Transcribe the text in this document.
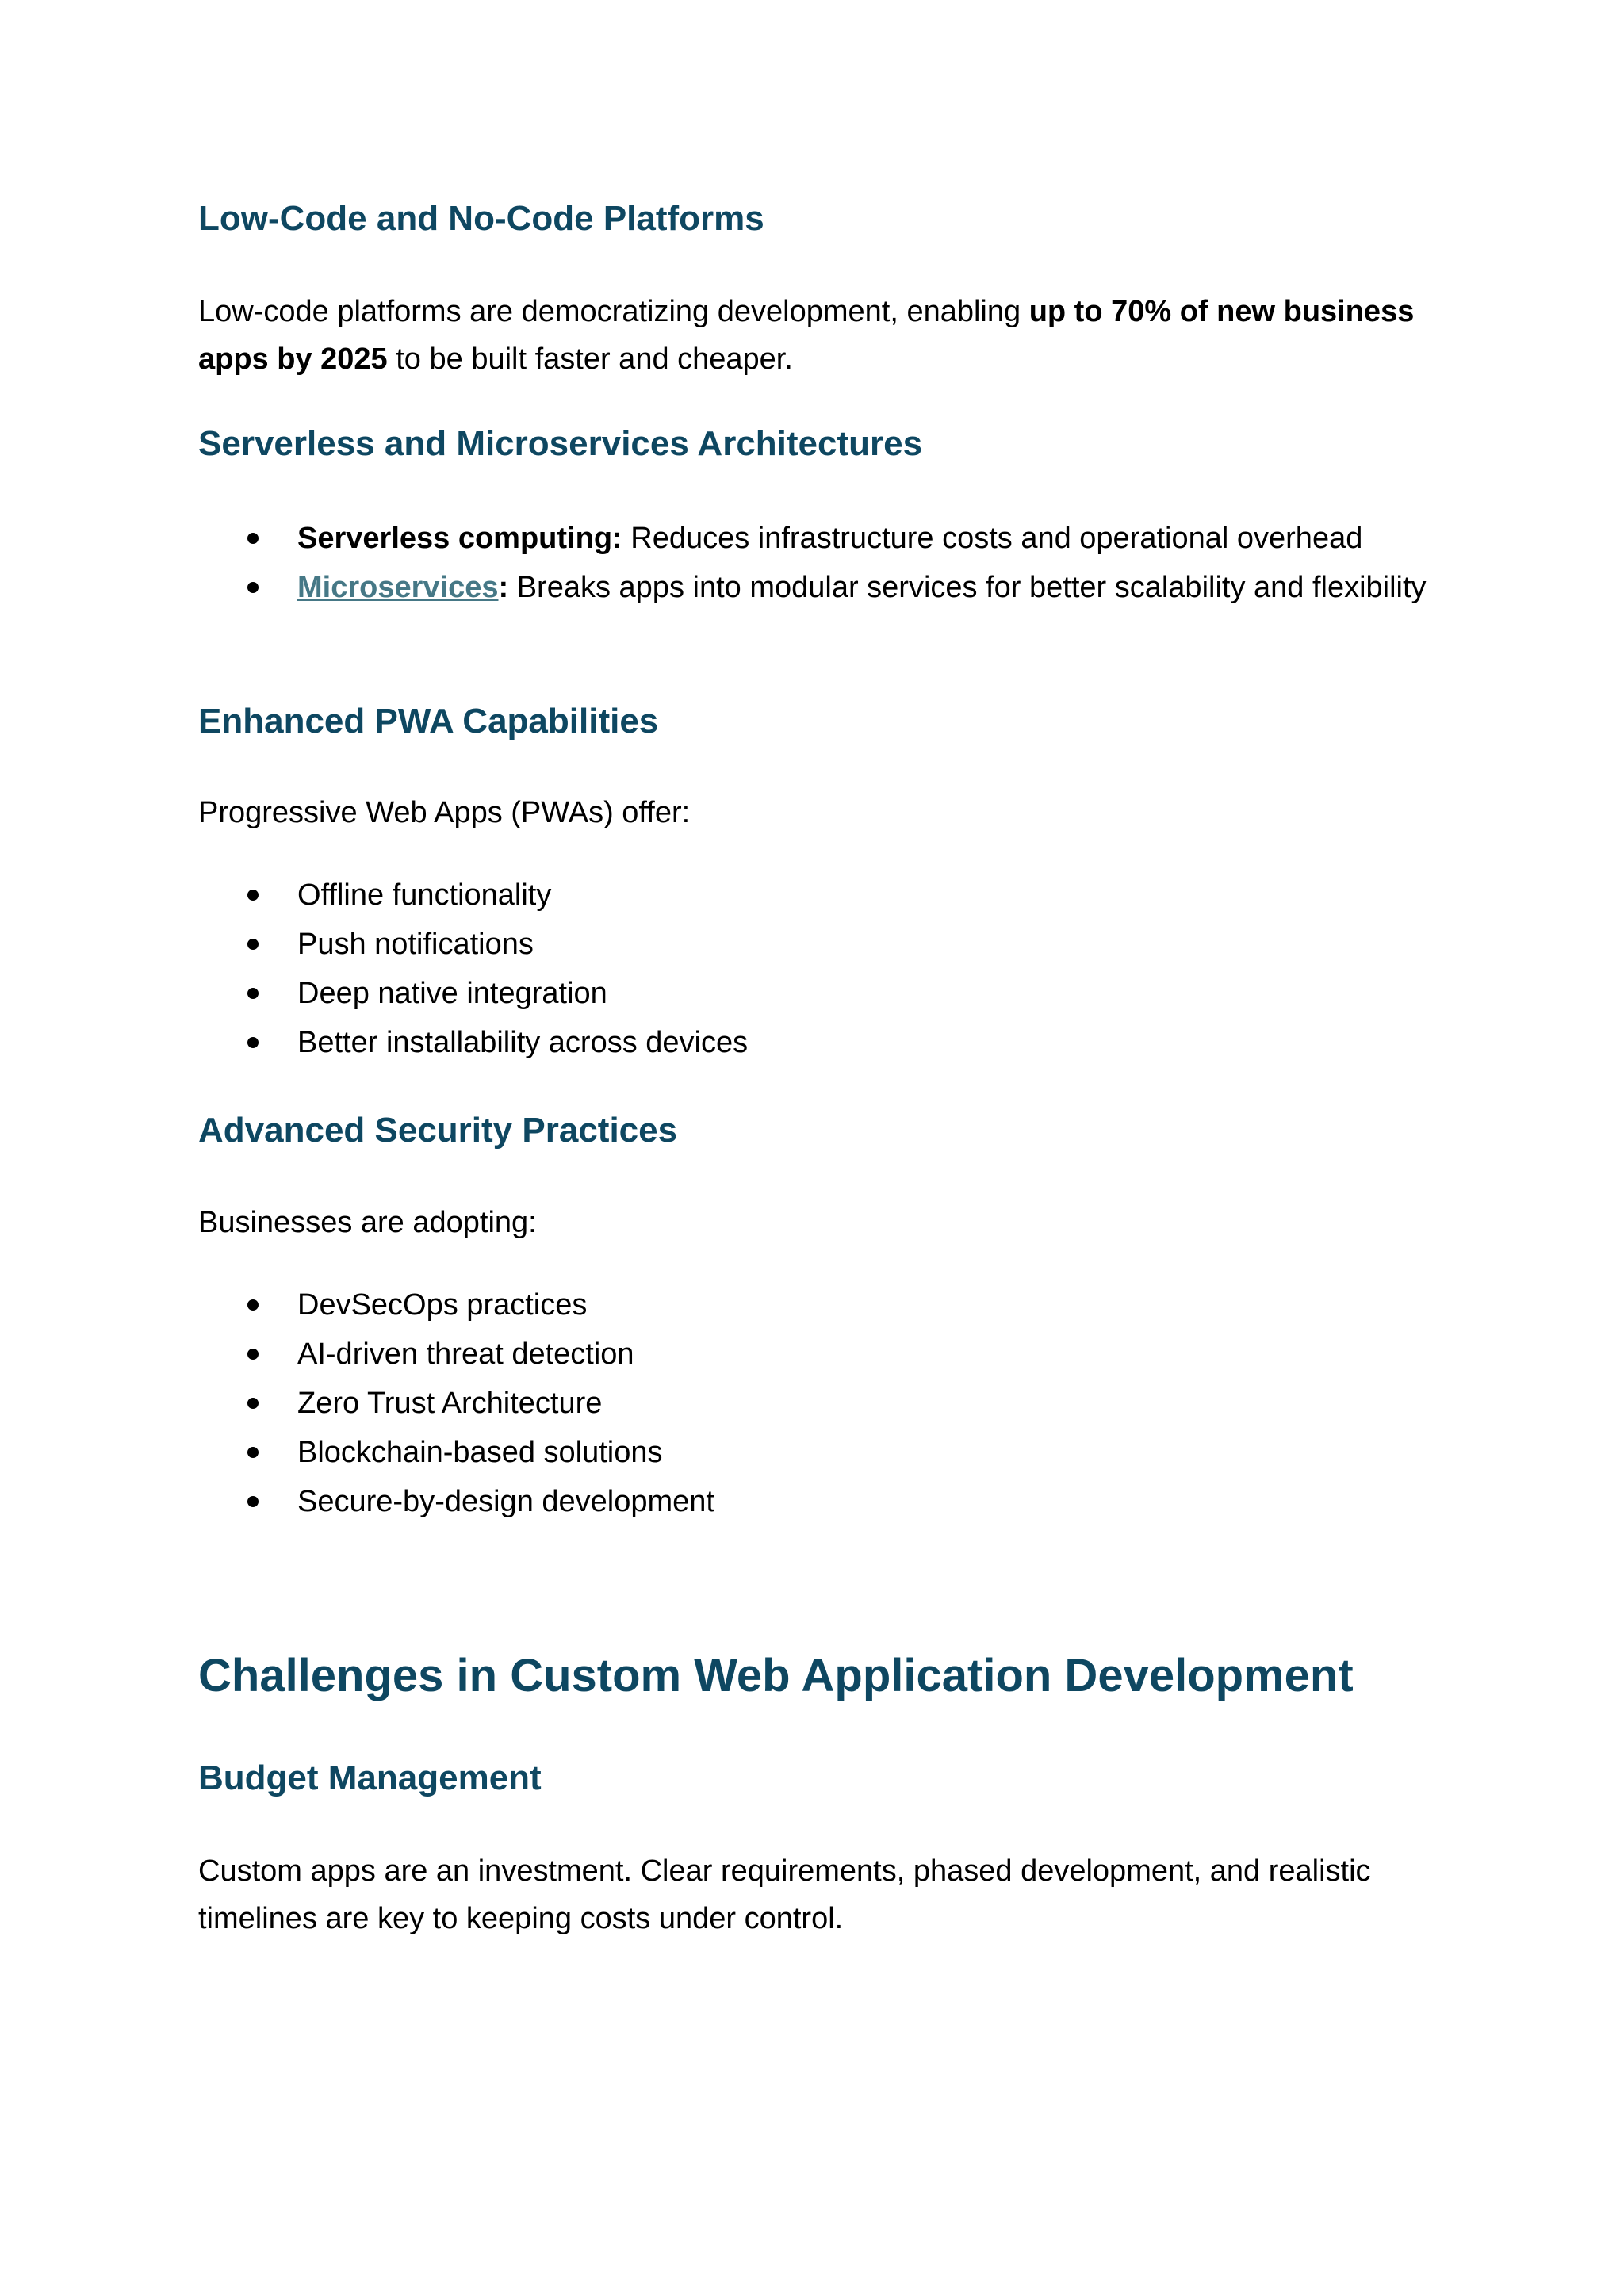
Low-Code and No-Code Platforms

Low-code platforms are democratizing development, enabling up to 70% of new business apps by 2025 to be built faster and cheaper.

Serverless and Microservices Architectures
Serverless computing: Reduces infrastructure costs and operational overhead
Microservices: Breaks apps into modular services for better scalability and flexibility
Enhanced PWA Capabilities

Progressive Web Apps (PWAs) offer:

Offline functionality
Push notifications
Deep native integration
Better installability across devices
Advanced Security Practices

Businesses are adopting:

DevSecOps practices
AI-driven threat detection
Zero Trust Architecture
Blockchain-based solutions
Secure-by-design development
Challenges in Custom Web Application Development
Budget Management

Custom apps are an investment. Clear requirements, phased development, and realistic timelines are key to keeping costs under control.
